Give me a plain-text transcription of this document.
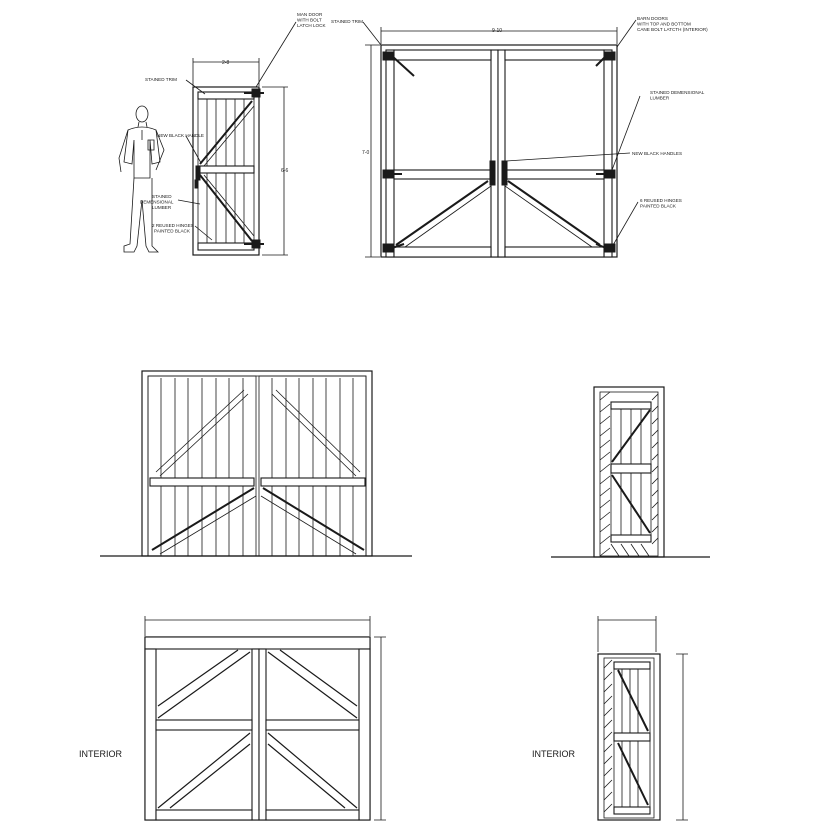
MAN DOOR WITH BOLT LATCH LOCK
STAINED TRIM
NEW BLACK HANDLE
STAINED DEMENSIONAL LUMBER
2 REUSED HINGES PAINTED BLACK
2-8
6-6
STAINED TRIM
BARN DOORS WITH TOP AND BOTTOM CANE BOLT LATCTH (INTERIOR)
STAINED DEMENSIONAL LUMBER
NEW BLACK HANDLES
6 REUSED HINGES PAINTED BLACK
9-10
7-0
INTERIOR	INTERIOR
